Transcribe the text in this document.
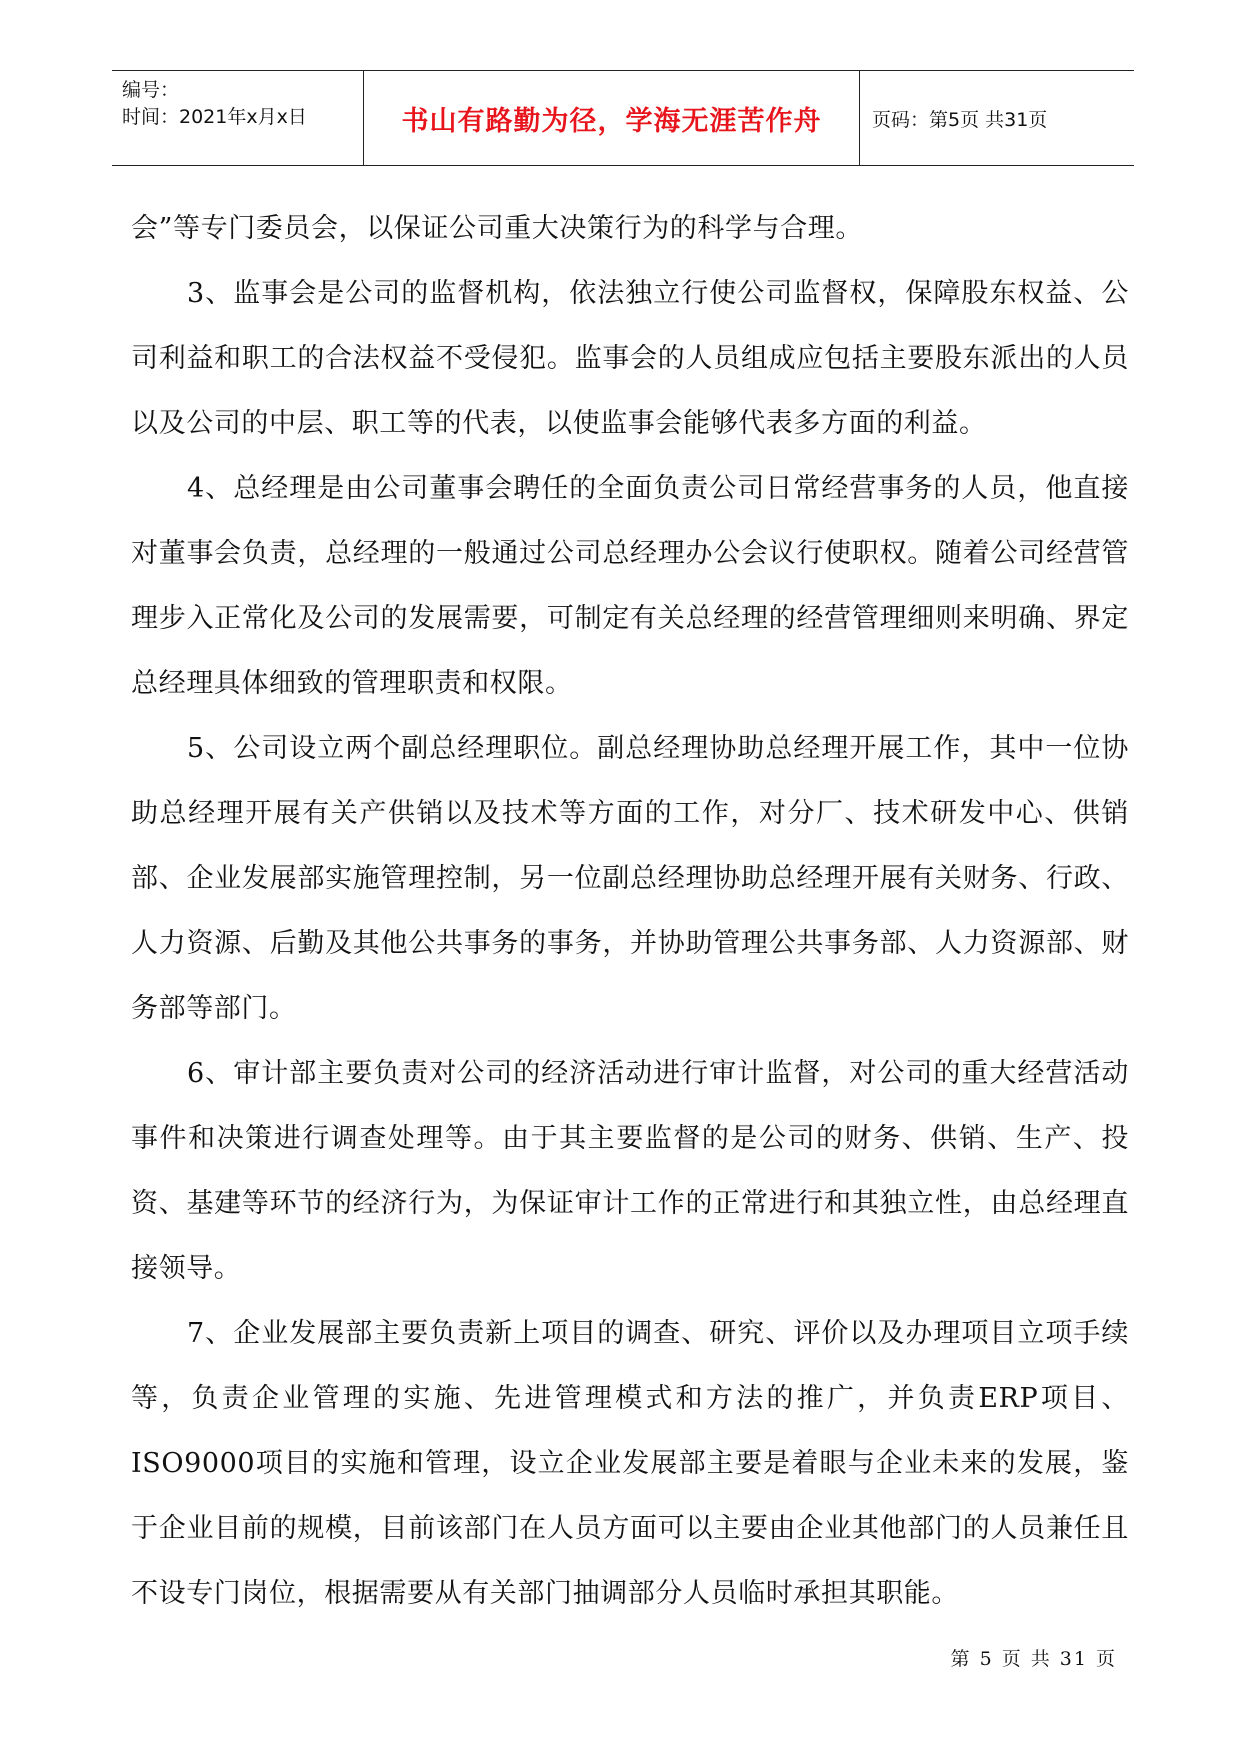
编号：
时间：2021年x月x日	书山有路勤为径，学海无涯苦作舟	页码：第5页 共31页

会”等专门委员会，以保证公司重大决策行为的科学与合理。

3、监事会是公司的监督机构，依法独立行使公司监督权，保障股东权益、公司利益和职工的合法权益不受侵犯。监事会的人员组成应包括主要股东派出的人员以及公司的中层、职工等的代表，以使监事会能够代表多方面的利益。

4、总经理是由公司董事会聘任的全面负责公司日常经营事务的人员，他直接对董事会负责，总经理的一般通过公司总经理办公会议行使职权。随着公司经营管理步入正常化及公司的发展需要，可制定有关总经理的经营管理细则来明确、界定总经理具体细致的管理职责和权限。

5、公司设立两个副总经理职位。副总经理协助总经理开展工作，其中一位协助总经理开展有关产供销以及技术等方面的工作，对分厂、技术研发中心、供销部、企业发展部实施管理控制，另一位副总经理协助总经理开展有关财务、行政、人力资源、后勤及其他公共事务的事务，并协助管理公共事务部、人力资源部、财务部等部门。

6、审计部主要负责对公司的经济活动进行审计监督，对公司的重大经营活动事件和决策进行调查处理等。由于其主要监督的是公司的财务、供销、生产、投资、基建等环节的经济行为，为保证审计工作的正常进行和其独立性，由总经理直接领导。

7、企业发展部主要负责新上项目的调查、研究、评价以及办理项目立项手续等，负责企业管理的实施、先进管理模式和方法的推广，并负责ERP项目、ISO9000项目的实施和管理，设立企业发展部主要是着眼与企业未来的发展，鉴于企业目前的规模，目前该部门在人员方面可以主要由企业其他部门的人员兼任且不设专门岗位，根据需要从有关部门抽调部分人员临时承担其职能。

第 5 页 共 31 页
